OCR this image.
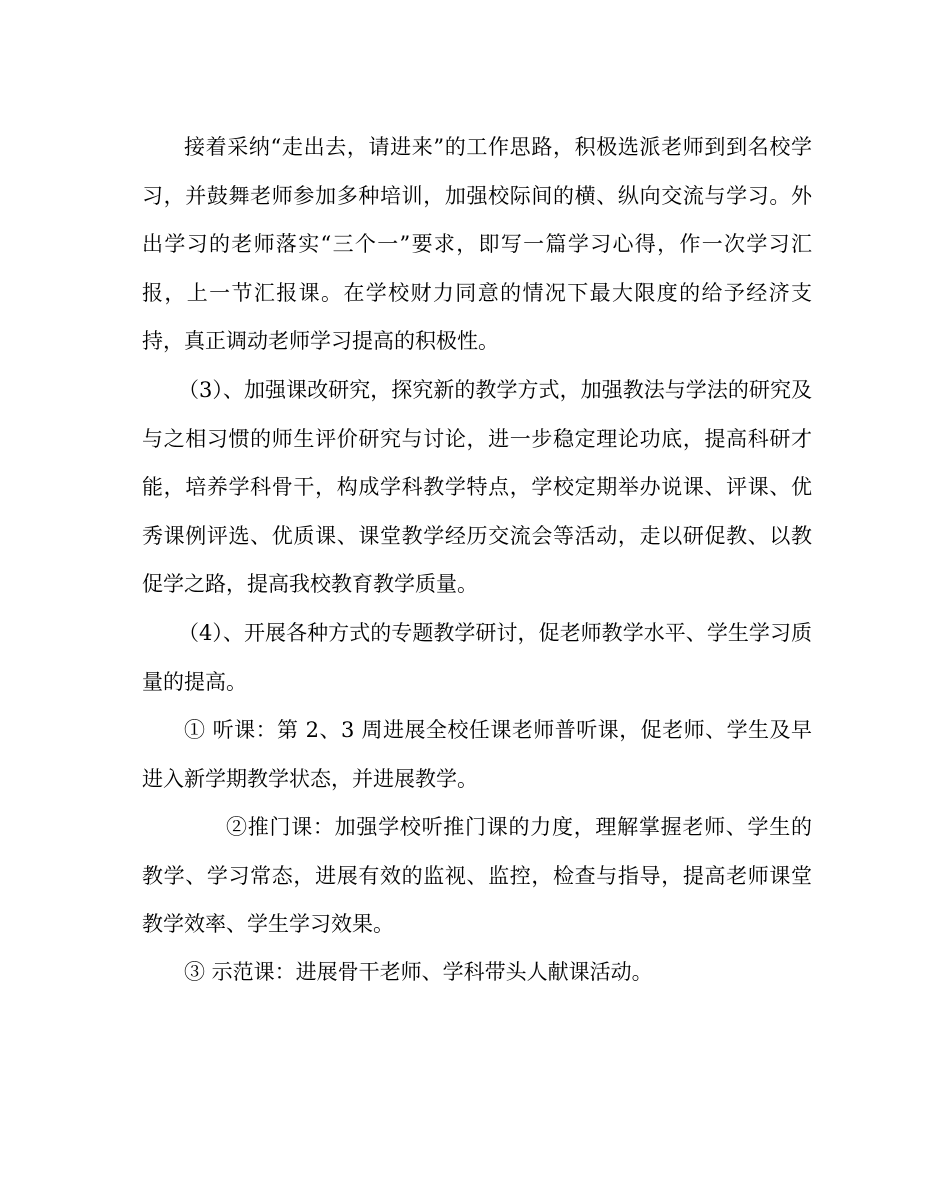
接着采纳“走出去，请进来”的工作思路，积极选派老师到到名校学习，并鼓舞老师参加多种培训，加强校际间的横、纵向交流与学习。外出学习的老师落实“三个一”要求，即写一篇学习心得，作一次学习汇报，上一节汇报课。在学校财力同意的情况下最大限度的给予经济支持，真正调动老师学习提高的积极性。

（3）、加强课改研究，探究新的教学方式，加强教法与学法的研究及与之相习惯的师生评价研究与讨论，进一步稳定理论功底，提高科研才能，培养学科骨干，构成学科教学特点，学校定期举办说课、评课、优秀课例评选、优质课、课堂教学经历交流会等活动，走以研促教、以教促学之路，提高我校教育教学质量。

（4）、开展各种方式的专题教学研讨，促老师教学水平、学生学习质量的提高。

① 听课：第 2、3 周进展全校任课老师普听课，促老师、学生及早进入新学期教学状态，并进展教学。

②推门课：加强学校听推门课的力度，理解掌握老师、学生的教学、学习常态，进展有效的监视、监控，检查与指导，提高老师课堂教学效率、学生学习效果。

③ 示范课：进展骨干老师、学科带头人献课活动。
